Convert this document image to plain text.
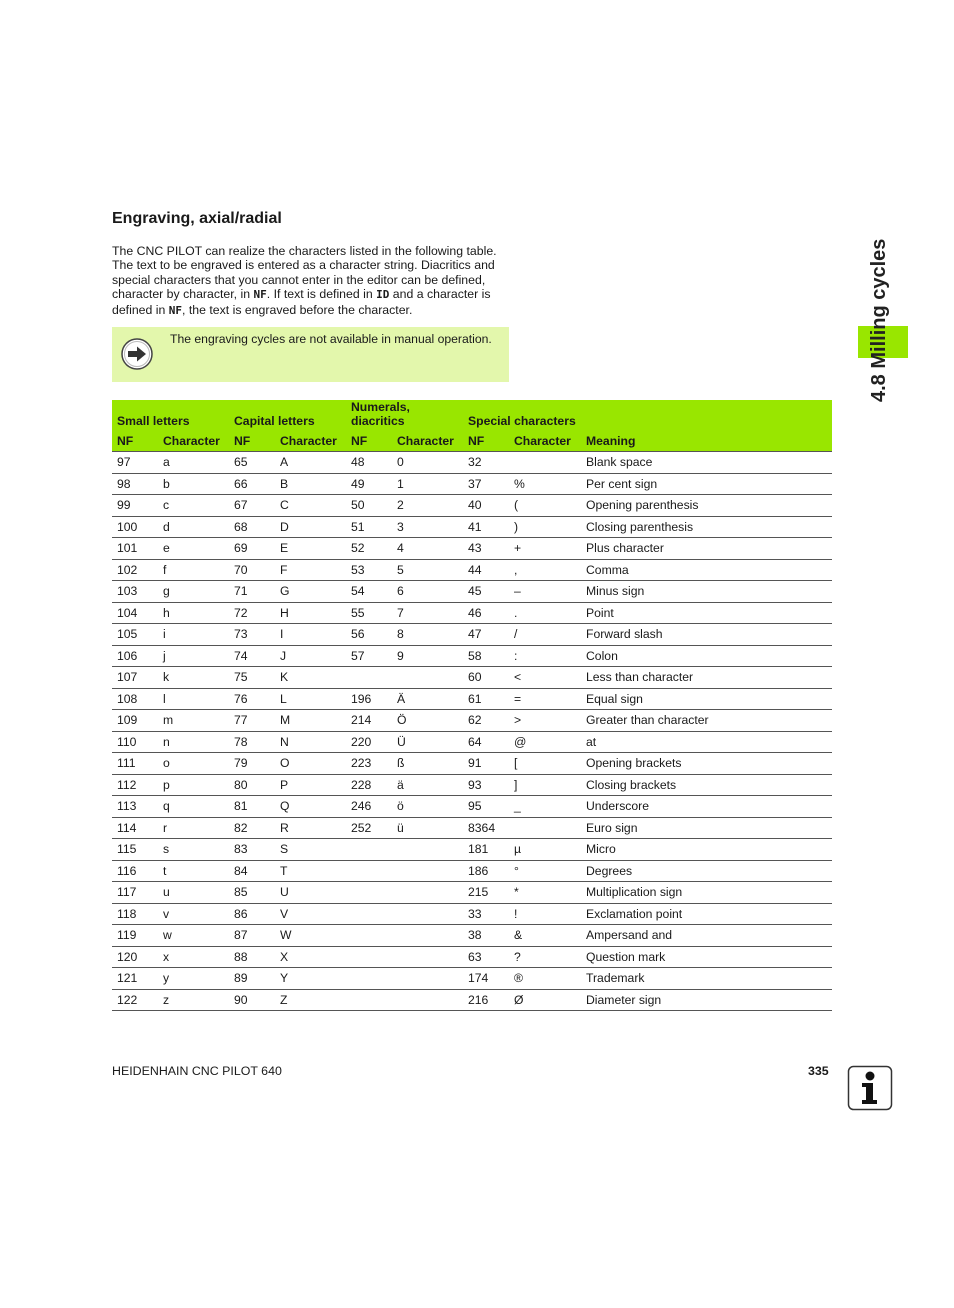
Engraving, axial/radial
The CNC PILOT can realize the characters listed in the following table. The text to be engraved is entered as a character string. Diacritics and special characters that you cannot enter in the editor can be defined, character by character, in NF. If text is defined in ID and a character is defined in NF, the text is engraved before the character.
The engraving cycles are not available in manual operation.
Small letters		Capital letters		Numerals, diacritics		Special characters		
NF	Character	NF	Character	NF	Character	NF	Character	Meaning
97	a	65	A	48	0	32		Blank space
98	b	66	B	49	1	37	%	Per cent sign
99	c	67	C	50	2	40	(	Opening parenthesis
100	d	68	D	51	3	41	)	Closing parenthesis
101	e	69	E	52	4	43	+	Plus character
102	f	70	F	53	5	44	,	Comma
103	g	71	G	54	6	45	–	Minus sign
104	h	72	H	55	7	46	.	Point
105	i	73	I	56	8	47	/	Forward slash
106	j	74	J	57	9	58	:	Colon
107	k	75	K			60	<	Less than character
108	l	76	L	196	Ä	61	=	Equal sign
109	m	77	M	214	Ö	62	>	Greater than character
110	n	78	N	220	Ü	64	@	at
111	o	79	O	223	ß	91	[	Opening brackets
112	p	80	P	228	ä	93	]	Closing brackets
113	q	81	Q	246	ö	95	_	Underscore
114	r	82	R	252	ü	8364		Euro sign
115	s	83	S			181	µ	Micro
116	t	84	T			186	°	Degrees
117	u	85	U			215	*	Multiplication sign
118	v	86	V			33	!	Exclamation point
119	w	87	W			38	&	Ampersand and
120	x	88	X			63	?	Question mark
121	y	89	Y			174	®	Trademark
122	z	90	Z			216	Ø	Diameter sign
4.8 Milling cycles
HEIDENHAIN CNC PILOT 640	335
